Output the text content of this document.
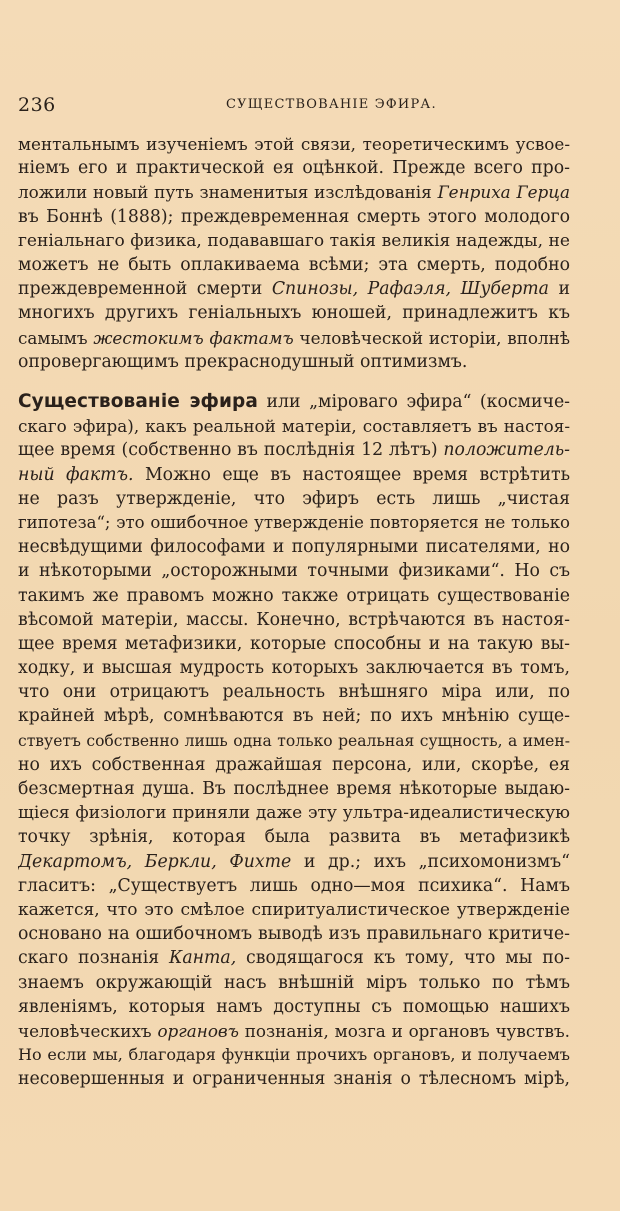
236	СУЩЕСТВОВАНІЕ ЭФИРА.
ментальнымъ изученіемъ этой связи, теоретическимъ усвое-
ніемъ его и практической ея оцѣнкой. Прежде всего про-
ложили новый путь знаменитыя изслѣдованія Генриха Герца
въ Боннѣ (1888); преждевременная смерть этого молодого
геніальнаго физика, подававшаго такія великія надежды, не
можетъ не быть оплакиваема всѣми; эта смерть, подобно
преждевременной смерти Спинозы, Рафаэля, Шуберта и
многихъ другихъ геніальныхъ юношей, принадлежитъ къ
самымъ жестокимъ фактамъ человѣческой исторіи, вполнѣ
опровергающимъ прекраснодушный оптимизмъ.
Существованіе эфира или „міроваго эфира“ (космиче-
скаго эфира), какъ реальной матеріи, составляетъ въ настоя-
щее время (собственно въ послѣднія 12 лѣтъ) положитель-
ный фактъ. Можно еще въ настоящее время встрѣтить
не разъ утвержденіе, что эфиръ есть лишь „чистая
гипотеза“; это ошибочное утвержденіе повторяется не только
несвѣдущими философами и популярными писателями, но
и нѣкоторыми „осторожными точными физиками“. Но съ
такимъ же правомъ можно также отрицать существованіе
вѣсомой матеріи, массы. Конечно, встрѣчаются въ настоя-
щее время метафизики, которые способны и на такую вы-
ходку, и высшая мудрость которыхъ заключается въ томъ,
что они отрицаютъ реальность внѣшняго міра или, по
крайней мѣрѣ, сомнѣваются въ ней; по ихъ мнѣнію суще-
ствуетъ собственно лишь одна только реальная сущность, а имен-
но ихъ собственная дражайшая персона, или, скорѣе, ея
безсмертная душа. Въ послѣднее время нѣкоторые выдаю-
щіеся физіологи приняли даже эту ультра-идеалистическую
точку зрѣнія, которая была развита въ метафизикѣ
Декартомъ, Беркли, Фихте и др.; ихъ „психомонизмъ“
гласитъ: „Существуетъ лишь одно—моя психика“. Намъ
кажется, что это смѣлое спиритуалистическое утвержденіе
основано на ошибочномъ выводѣ изъ правильнаго критиче-
скаго познанія Канта, сводящагося къ тому, что мы по-
знаемъ окружающій насъ внѣшній міръ только по тѣмъ
явленіямъ, которыя намъ доступны съ помощью нашихъ
человѣческихъ органовъ познанія, мозга и органовъ чувствъ.
Но если мы, благодаря функціи прочихъ органовъ, и получаемъ
несовершенныя и ограниченныя знанія о тѣлесномъ мірѣ,
